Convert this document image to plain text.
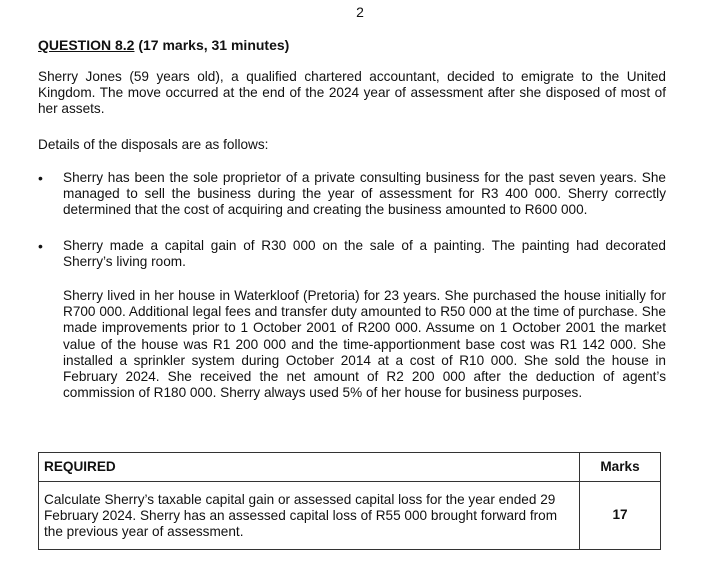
2
QUESTION 8.2 (17 marks, 31 minutes)

Sherry Jones (59 years old), a qualified chartered accountant, decided to emigrate to the United Kingdom. The move occurred at the end of the 2024 year of assessment after she disposed of most of her assets.

Details of the disposals are as follows:

•	Sherry has been the sole proprietor of a private consulting business for the past seven years. She managed to sell the business during the year of assessment for R3 400 000. Sherry correctly determined that the cost of acquiring and creating the business amounted to R600 000.

•	Sherry made a capital gain of R30 000 on the sale of a painting. The painting had decorated Sherry’s living room.

Sherry lived in her house in Waterkloof (Pretoria) for 23 years. She purchased the house initially for R700 000. Additional legal fees and transfer duty amounted to R50 000 at the time of purchase. She made improvements prior to 1 October 2001 of R200 000. Assume on 1 October 2001 the market value of the house was R1 200 000 and the time-apportionment base cost was R1 142 000. She installed a sprinkler system during October 2014 at a cost of R10 000. She sold the house in February 2024. She received the net amount of R2 200 000 after the deduction of agent’s commission of R180 000. Sherry always used 5% of her house for business purposes.

REQUIRED	Marks
Calculate Sherry’s taxable capital gain or assessed capital loss for the year ended 29 February 2024. Sherry has an assessed capital loss of R55 000 brought forward from the previous year of assessment.	17
